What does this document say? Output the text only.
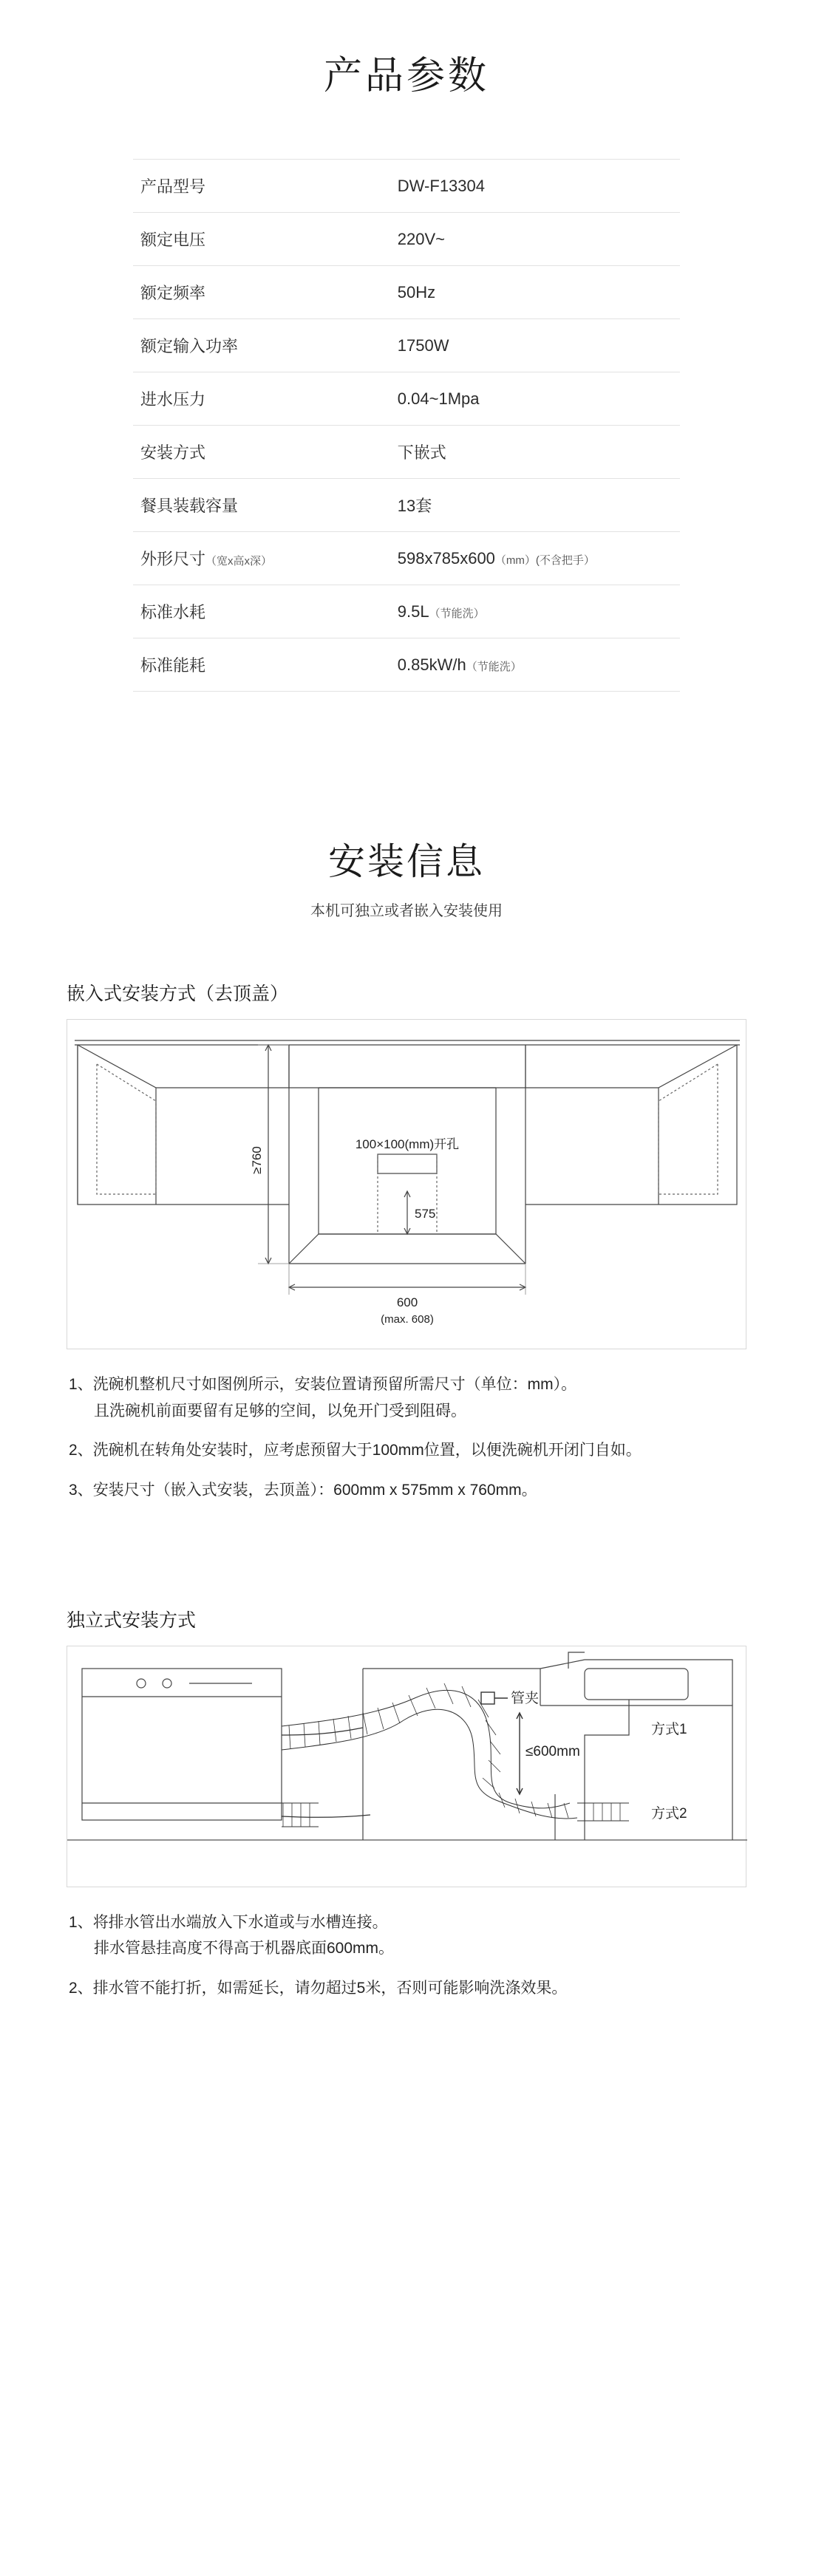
产品参数
产品型号	DW-F13304
额定电压	220V~
额定频率	50Hz
额定输入功率	1750W
进水压力	0.04~1Mpa
安装方式	下嵌式
餐具装载容量	13套
外形尺寸（宽x高x深）	598x785x600（mm）(不含把手）
标准水耗	9.5L（节能洗）
标准能耗	0.85kW/h（节能洗）
安装信息
本机可独立或者嵌入安装使用
嵌入式安装方式（去顶盖）
≥760
100×100(mm)开孔
575
600
(max. 608)
1、洗碗机整机尺寸如图例所示，安装位置请预留所需尺寸（单位：mm）。
且洗碗机前面要留有足够的空间，以免开门受到阻碍。
2、洗碗机在转角处安装时，应考虑预留大于100mm位置，以便洗碗机开闭门自如。
3、安装尺寸（嵌入式安装，去顶盖）：600mm x 575mm x 760mm。
独立式安装方式
管夹
≤600mm
方式1
方式2
1、将排水管出水端放入下水道或与水槽连接。
排水管悬挂高度不得高于机器底面600mm。
2、排水管不能打折，如需延长，请勿超过5米，否则可能影响洗涤效果。
